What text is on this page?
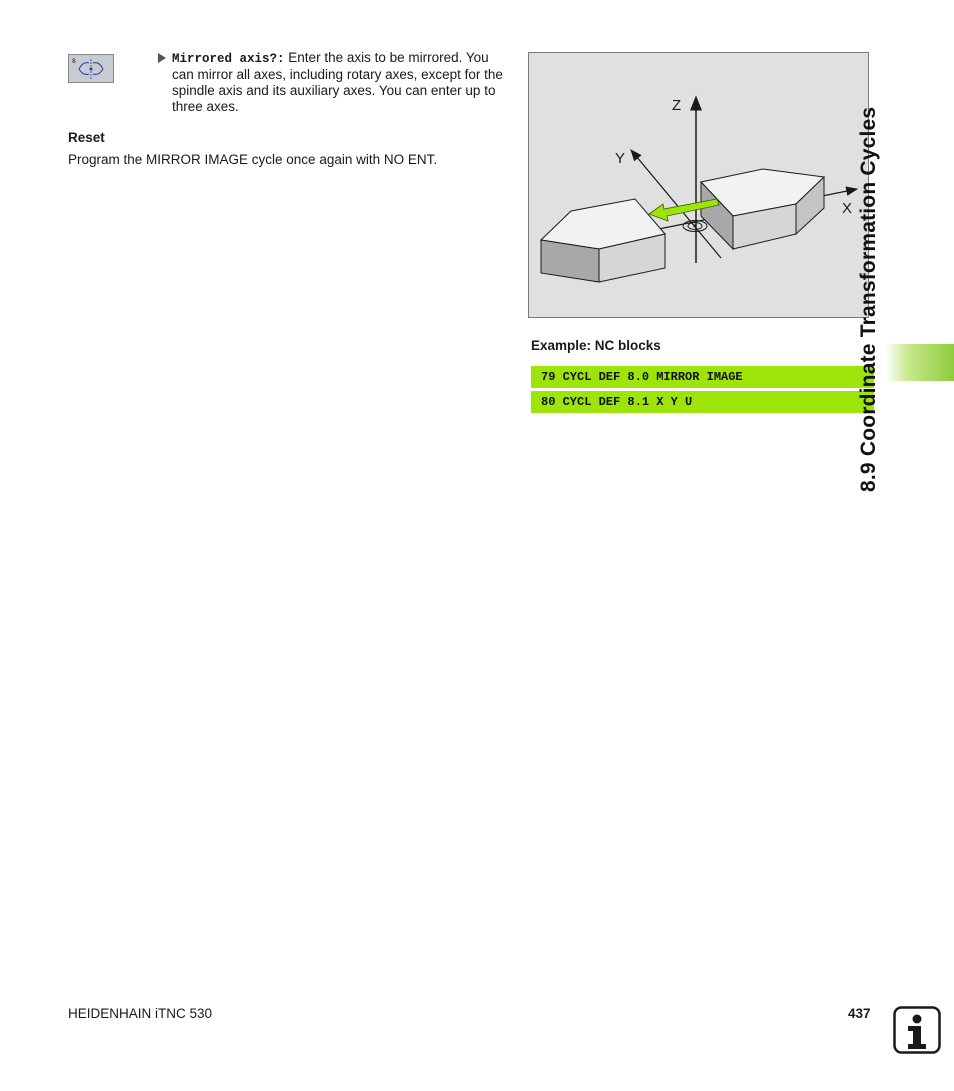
8	Mirrored axis?: Enter the axis to be mirrored. You can mirror all axes, including rotary axes, except for the spindle axis and its auxiliary axes. You can enter up to three axes.
Reset
Program the MIRROR IMAGE cycle once again with NO ENT.
Z
Y
X
Example: NC blocks
79 CYCL DEF 8.0 MIRROR IMAGE
80 CYCL DEF 8.1 X Y U	8.9 Coordinate Transformation Cycles
HEIDENHAIN iTNC 530	437
